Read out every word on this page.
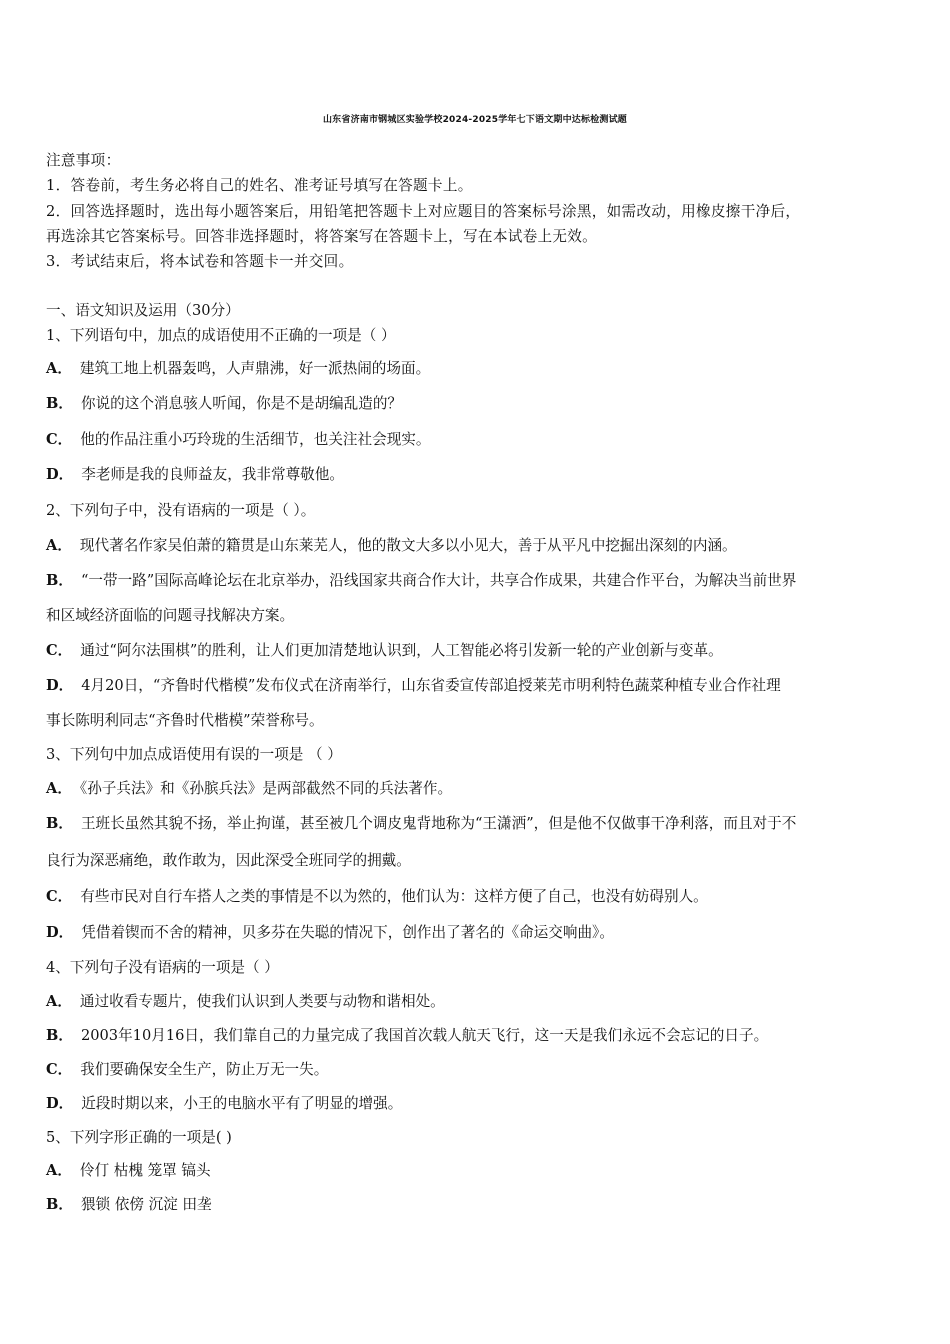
山东省济南市钢城区实验学校2024-2025学年七下语文期中达标检测试题
注意事项：
1．答卷前，考生务必将自己的姓名、准考证号填写在答题卡上。
2．回答选择题时，选出每小题答案后，用铅笔把答题卡上对应题目的答案标号涂黑，如需改动，用橡皮擦干净后，
再选涂其它答案标号。回答非选择题时，将答案写在答题卡上，写在本试卷上无效。
3．考试结束后，将本试卷和答题卡一并交回。
一、语文知识及运用（30分）
1、下列语句中，加点的成语使用不正确的一项是（ ）
A． 建筑工地上机器轰鸣，人声鼎沸，好一派热闹的场面。
B． 你说的这个消息骇人听闻，你是不是胡编乱造的？
C． 他的作品注重小巧玲珑的生活细节，也关注社会现实。
D． 李老师是我的良师益友，我非常尊敬他。
2、下列句子中，没有语病的一项是（ ）。
A． 现代著名作家吴伯萧的籍贯是山东莱芜人，他的散文大多以小见大，善于从平凡中挖掘出深刻的内涵。
B． “一带一路”国际高峰论坛在北京举办，沿线国家共商合作大计，共享合作成果，共建合作平台，为解决当前世界
和区域经济面临的问题寻找解决方案。
C． 通过“阿尔法围棋”的胜利，让人们更加清楚地认识到，人工智能必将引发新一轮的产业创新与变革。
D． 4月20日，“齐鲁时代楷模”发布仪式在济南举行，山东省委宣传部追授莱芜市明利特色蔬菜种植专业合作社理
事长陈明利同志“齐鲁时代楷模”荣誉称号。
3、下列句中加点成语使用有误的一项是 （ ）
A． 《孙子兵法》和《孙膑兵法》是两部截然不同的兵法著作。
B． 王班长虽然其貌不扬，举止拘谨，甚至被几个调皮鬼背地称为“王潇洒”，但是他不仅做事干净利落，而且对于不
良行为深恶痛绝，敢作敢为，因此深受全班同学的拥戴。
C． 有些市民对自行车搭人之类的事情是不以为然的，他们认为：这样方便了自己，也没有妨碍别人。
D． 凭借着锲而不舍的精神，贝多芬在失聪的情况下，创作出了著名的《命运交响曲》。
4、下列句子没有语病的一项是（ ）
A． 通过收看专题片，使我们认识到人类要与动物和谐相处。
B． 2003年10月16日，我们靠自己的力量完成了我国首次载人航天飞行，这一天是我们永远不会忘记的日子。
C． 我们要确保安全生产，防止万无一失。
D． 近段时期以来，小王的电脑水平有了明显的增强。
5、下列字形正确的一项是( )
A． 伶仃 枯槐 笼罩 镐头
B． 猥锁 依傍 沉淀 田垄
